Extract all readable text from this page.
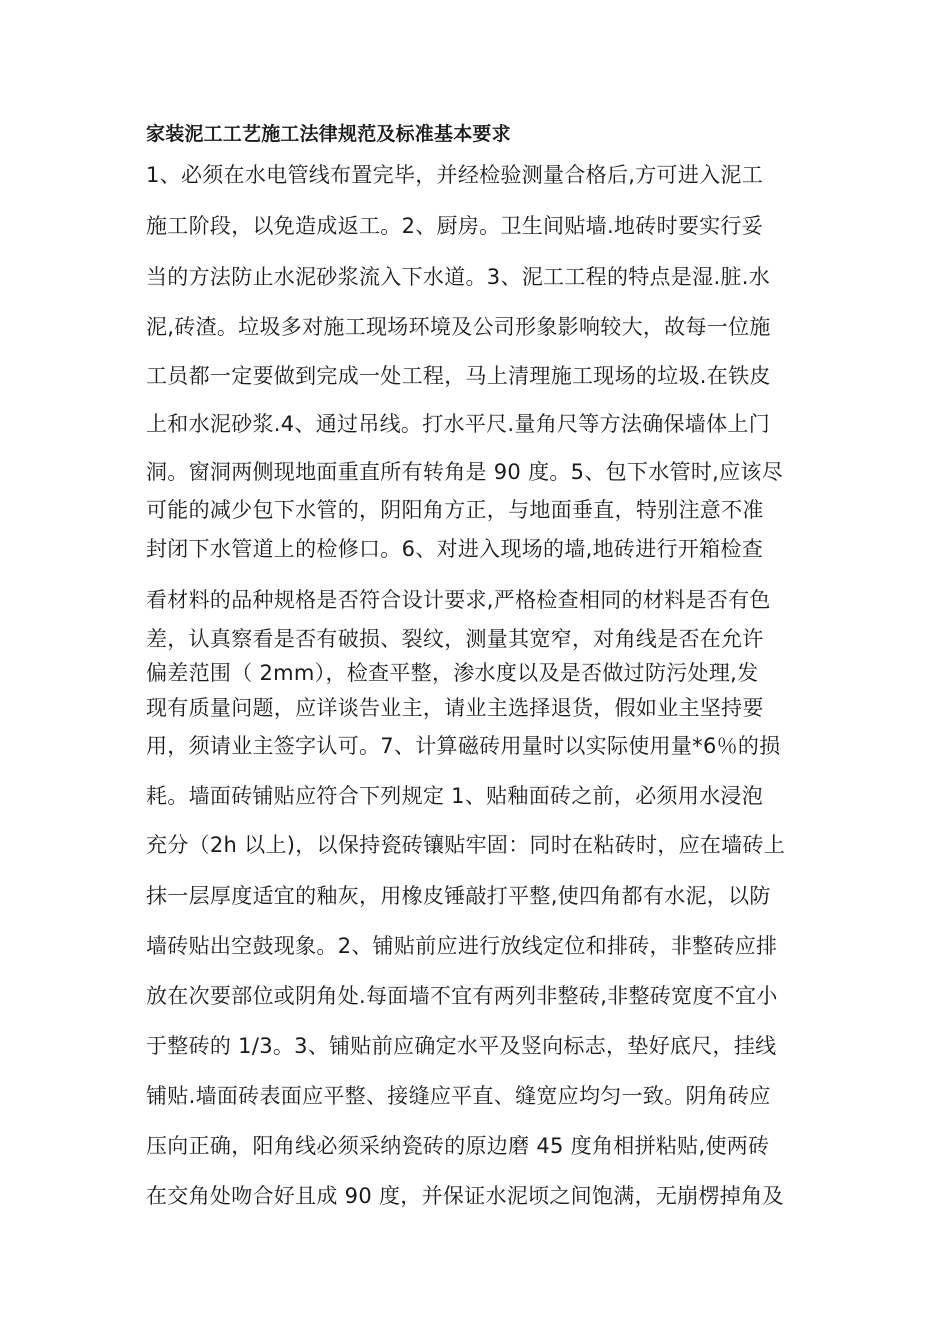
家装泥工工艺施工法律规范及标准基本要求
1、必须在水电管线布置完毕，并经检验测量合格后,方可进入泥工
施工阶段，以免造成返工。2、厨房。卫生间贴墙.地砖时要实行妥
当的方法防止水泥砂浆流入下水道。3、泥工工程的特点是湿.脏.水
泥,砖渣。垃圾多对施工现场环境及公司形象影响较大，故每一位施
工员都一定要做到完成一处工程，马上清理施工现场的垃圾.在铁皮
上和水泥砂浆.4、通过吊线。打水平尺.量角尺等方法确保墙体上门
洞。窗洞两侧现地面重直所有转角是 90 度。5、包下水管时,应该尽
可能的减少包下水管的，阴阳角方正，与地面垂直，特别注意不准
封闭下水管道上的检修口。6、对进入现场的墙,地砖进行开箱检查
看材料的品种规格是否符合设计要求,严格检查相同的材料是否有色
差，认真察看是否有破损、裂纹，测量其宽窄，对角线是否在允许
偏差范围（ 2mm），检查平整，渗水度以及是否做过防污处理,发
现有质量问题，应详谈告业主，请业主选择退货，假如业主坚持要
用，须请业主签字认可。7、计算磁砖用量时以实际使用量*6％的损
耗。墙面砖铺贴应符合下列规定 1、贴釉面砖之前，必须用水浸泡
充分（2h 以上)，以保持瓷砖镶贴牢固：同时在粘砖时，应在墙砖上
抹一层厚度适宜的釉灰，用橡皮锤敲打平整,使四角都有水泥，以防
墙砖贴出空鼓现象。2、铺贴前应进行放线定位和排砖，非整砖应排
放在次要部位或阴角处.每面墙不宜有两列非整砖,非整砖宽度不宜小
于整砖的 1/3。3、铺贴前应确定水平及竖向标志，垫好底尺，挂线
铺贴.墙面砖表面应平整、接缝应平直、缝宽应均匀一致。阴角砖应
压向正确，阳角线必须采纳瓷砖的原边磨 45 度角相拼粘贴,使两砖
在交角处吻合好且成 90 度，并保证水泥顷之间饱满，无崩楞掉角及
